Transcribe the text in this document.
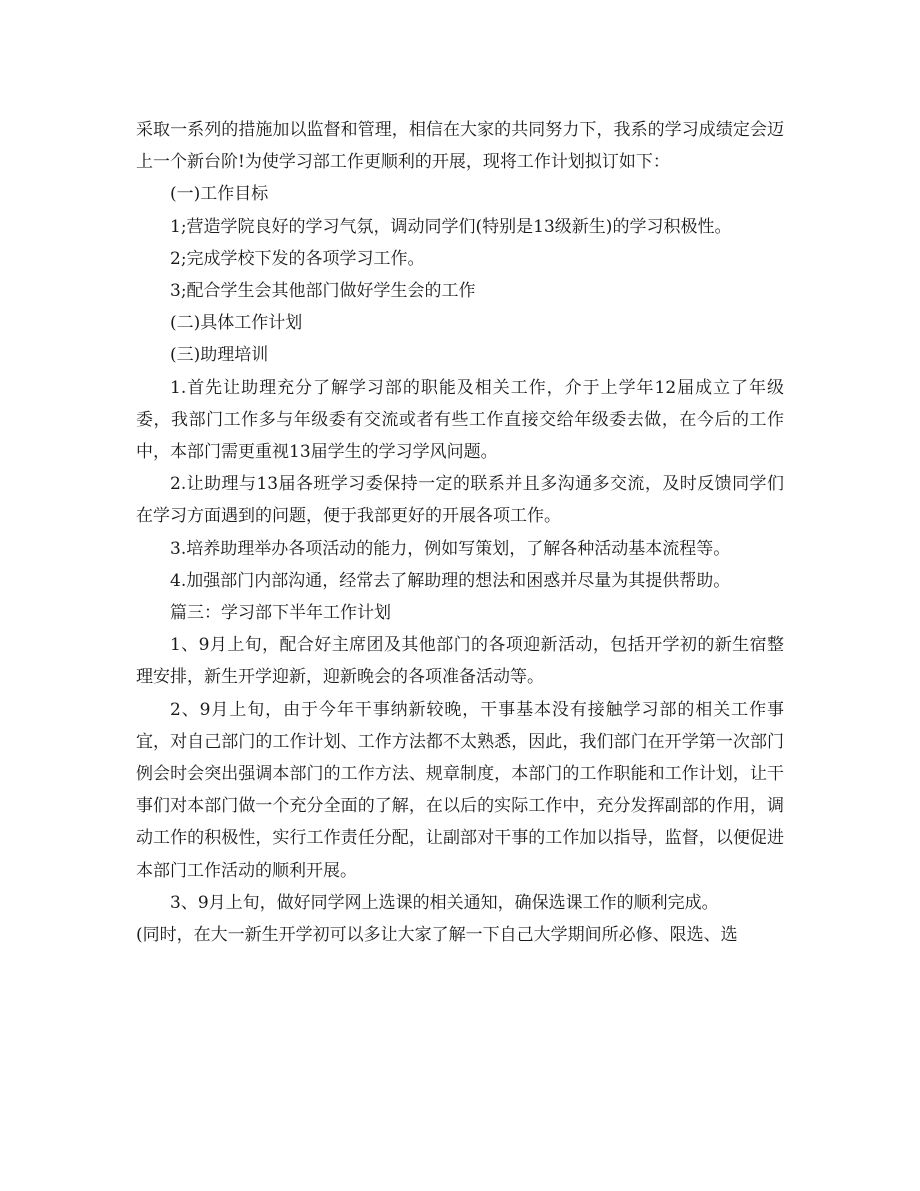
采取一系列的措施加以监督和管理，相信在大家的共同努力下，我系的学习成绩定会迈上一个新台阶!为使学习部工作更顺利的开展，现将工作计划拟订如下：

(一)工作目标

1;营造学院良好的学习气氛，调动同学们(特别是13级新生)的学习积极性。

2;完成学校下发的各项学习工作。

3;配合学生会其他部门做好学生会的工作

(二)具体工作计划

(三)助理培训

1.首先让助理充分了解学习部的职能及相关工作，介于上学年12届成立了年级委，我部门工作多与年级委有交流或者有些工作直接交给年级委去做，在今后的工作中，本部门需更重视13届学生的学习学风问题。

2.让助理与13届各班学习委保持一定的联系并且多沟通多交流，及时反馈同学们在学习方面遇到的问题，便于我部更好的开展各项工作。

3.培养助理举办各项活动的能力，例如写策划，了解各种活动基本流程等。

4.加强部门内部沟通，经常去了解助理的想法和困惑并尽量为其提供帮助。

篇三：学习部下半年工作计划

1、9月上旬，配合好主席团及其他部门的各项迎新活动，包括开学初的新生宿整理安排，新生开学迎新，迎新晚会的各项准备活动等。

2、9月上旬，由于今年干事纳新较晚，干事基本没有接触学习部的相关工作事宜，对自己部门的工作计划、工作方法都不太熟悉，因此，我们部门在开学第一次部门例会时会突出强调本部门的工作方法、规章制度，本部门的工作职能和工作计划，让干事们对本部门做一个充分全面的了解，在以后的实际工作中，充分发挥副部的作用，调动工作的积极性，实行工作责任分配，让副部对干事的工作加以指导，监督，以便促进本部门工作活动的顺利开展。

3、9月上旬，做好同学网上选课的相关通知，确保选课工作的顺利完成。

(同时，在大一新生开学初可以多让大家了解一下自己大学期间所必修、限选、选
